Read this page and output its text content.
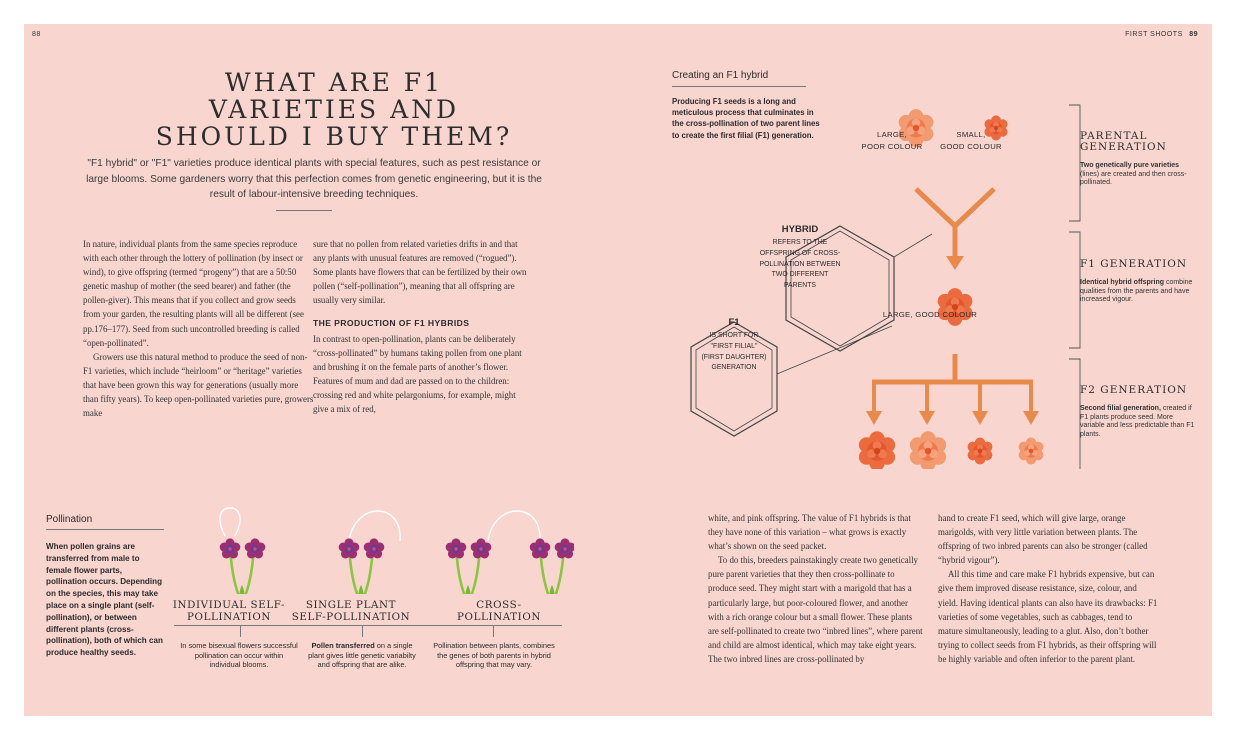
88	FIRST SHOOTS 89
WHAT ARE F1
VARIETIES AND
SHOULD I BUY THEM?
"F1 hybrid" or "F1" varieties produce identical plants with special features, such as pest resistance or large blooms. Some gardeners worry that this perfection comes from genetic engineering, but it is the result of labour-intensive breeding techniques.

In nature, individual plants from the same species reproduce with each other through the lottery of pollination (by insect or wind), to give offspring (termed “progeny”) that are a 50:50 genetic mashup of mother (the seed bearer) and father (the pollen-giver). This means that if you collect and grow seeds from your garden, the resulting plants will all be different (see pp.176–177). Seed from such uncontrolled breeding is called “open-pollinated”.

Growers use this natural method to produce the seed of non-F1 varieties, which include “heirloom” or “heritage” varieties that have been grown this way for generations (usually more than fifty years). To keep open-pollinated varieties pure, growers make

sure that no pollen from related varieties drifts in and that any plants with unusual features are removed (“rogued”). Some plants have flowers that can be fertilized by their own pollen (“self-pollination”), meaning that all offspring are usually very similar.

THE PRODUCTION OF F1 HYBRIDS

In contrast to open-pollination, plants can be deliberately “cross-pollinated” by humans taking pollen from one plant and brushing it on the female parts of another’s flower. Features of mum and dad are passed on to the children: crossing red and white pelargoniums, for example, might give a mix of red,

Pollination
When pollen grains are transferred from male to female flower parts, pollination occurs. Depending on the species, this may take place on a single plant (self-pollination), or between different plants (cross-pollination), both of which can produce healthy seeds.
INDIVIDUAL SELF-
POLLINATION
SINGLE PLANT
SELF-POLLINATION
CROSS-
POLLINATION
In some bisexual flowers successful pollination can occur within individual blooms.
Pollen transferred on a single plant gives little genetic variabilty and offspring that are alike.
Pollination between plants, combines the genes of both parents in hybrid offspring that may vary.
Creating an F1 hybrid
Producing F1 seeds is a long and meticulous process that culminates in the cross-pollination of two parent lines to create the first filial (F1) generation.	LARGE,
POOR COLOUR
SMALL,
GOOD COLOUR
LARGE, GOOD COLOUR
HYBRID
REFERS TO THE
OFFSPRING OF CROSS-
POLLINATION BETWEEN
TWO DIFFERENT
PARENTS
F1
IS SHORT FOR
"FIRST FILIAL"
(FIRST DAUGHTER)
GENERATION
PARENTAL
GENERATION
Two genetically pure varieties (lines) are created and then cross-pollinated.
F1 GENERATION
Identical hybrid offspring combine qualities from the parents and have increased vigour.
F2 GENERATION
Second filial generation, created if F1 plants produce seed. More variable and less predictable than F1 plants.

white, and pink offspring. The value of F1 hybrids is that they have none of this variation – what grows is exactly what’s shown on the seed packet.

To do this, breeders painstakingly create two genetically pure parent varieties that they then cross-pollinate to produce seed. They might start with a marigold that has a particularly large, but poor-coloured flower, and another with a rich orange colour but a small flower. These plants are self-pollinated to create two “inbred lines”, where parent and child are almost identical, which may take eight years. The two inbred lines are cross-pollinated by

hand to create F1 seed, which will give large, orange marigolds, with very little variation between plants. The offspring of two inbred parents can also be stronger (called “hybrid vigour”).

All this time and care make F1 hybrids expensive, but can give them improved disease resistance, size, colour, and yield. Having identical plants can also have its drawbacks: F1 varieties of some vegetables, such as cabbages, tend to mature simultaneously, leading to a glut. Also, don’t bother trying to collect seeds from F1 hybrids, as their offspring will be highly variable and often inferior to the parent plant.
